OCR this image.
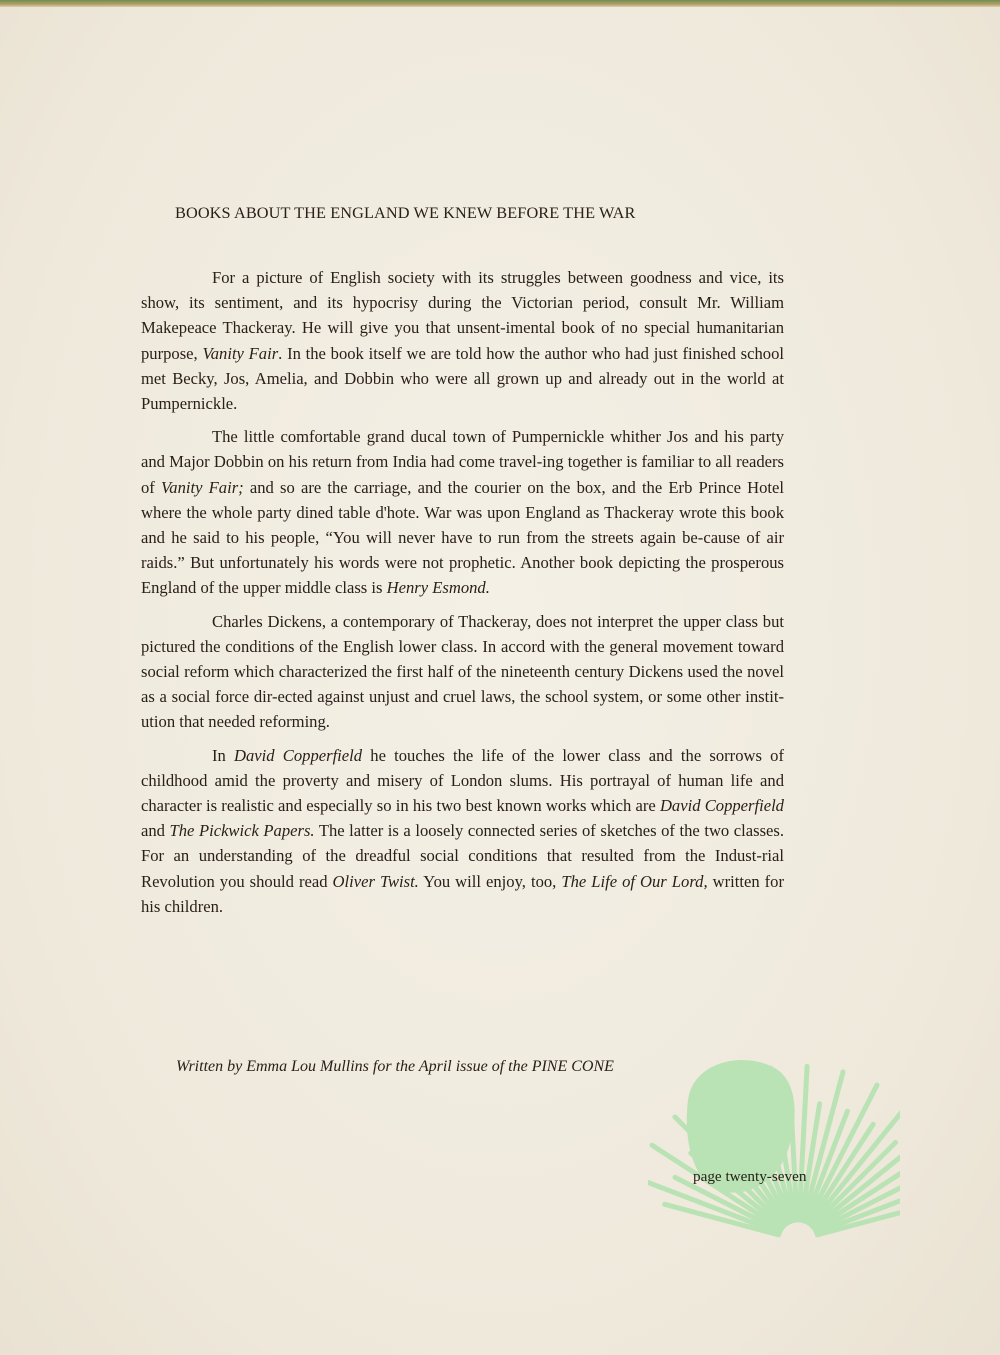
BOOKS ABOUT THE ENGLAND WE KNEW BEFORE THE WAR

For a picture of English society with its struggles between goodness and vice, its show, its sentiment, and its hypocrisy during the Victorian period, consult Mr. William Makepeace Thackeray. He will give you that unsent-imental book of no special humanitarian purpose, Vanity Fair. In the book itself we are told how the author who had just finished school met Becky, Jos, Amelia, and Dobbin who were all grown up and already out in the world at Pumpernickle.

The little comfortable grand ducal town of Pumpernickle whither Jos and his party and Major Dobbin on his return from India had come travel-ing together is familiar to all readers of Vanity Fair; and so are the carriage, and the courier on the box, and the Erb Prince Hotel where the whole party dined table d'hote. War was upon England as Thackeray wrote this book and he said to his people, “You will never have to run from the streets again be-cause of air raids.” But unfortunately his words were not prophetic. Another book depicting the prosperous England of the upper middle class is Henry Esmond.

Charles Dickens, a contemporary of Thackeray, does not interpret the upper class but pictured the conditions of the English lower class. In accord with the general movement toward social reform which characterized the first half of the nineteenth century Dickens used the novel as a social force dir-ected against unjust and cruel laws, the school system, or some other instit-ution that needed reforming.

In David Copperfield he touches the life of the lower class and the sorrows of childhood amid the proverty and misery of London slums. His portrayal of human life and character is realistic and especially so in his two best known works which are David Copperfield and The Pickwick Papers. The latter is a loosely connected series of sketches of the two classes. For an understanding of the dreadful social conditions that resulted from the Indust-rial Revolution you should read Oliver Twist. You will enjoy, too, The Life of Our Lord, written for his children.

Written by Emma Lou Mullins for the April issue of the PINE CONE
page twenty-seven
